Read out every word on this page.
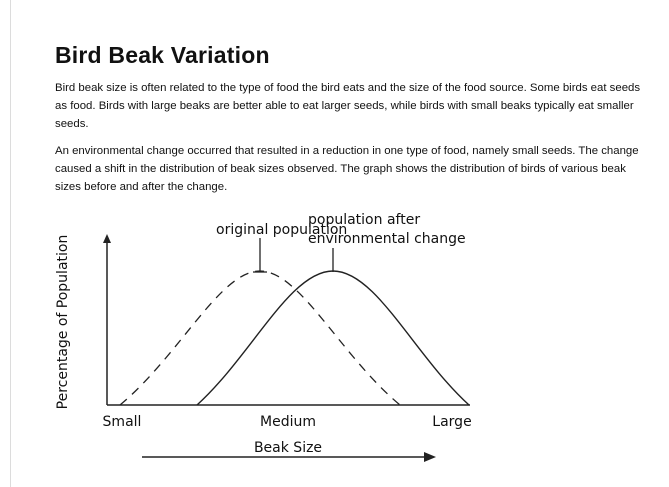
Bird Beak Variation

Bird beak size is often related to the type of food the bird eats and the size of the food source. Some birds eat seeds as food. Birds with large beaks are better able to eat larger seeds, while birds with small beaks typically eat smaller seeds.

An environmental change occurred that resulted in a reduction in one type of food, namely small seeds. The change caused a shift in the distribution of beak sizes observed. The graph shows the distribution of birds of various beak sizes before and after the change.

original population
population after
environmental change
Percentage of Population
Small	Medium	Large
Beak Size
